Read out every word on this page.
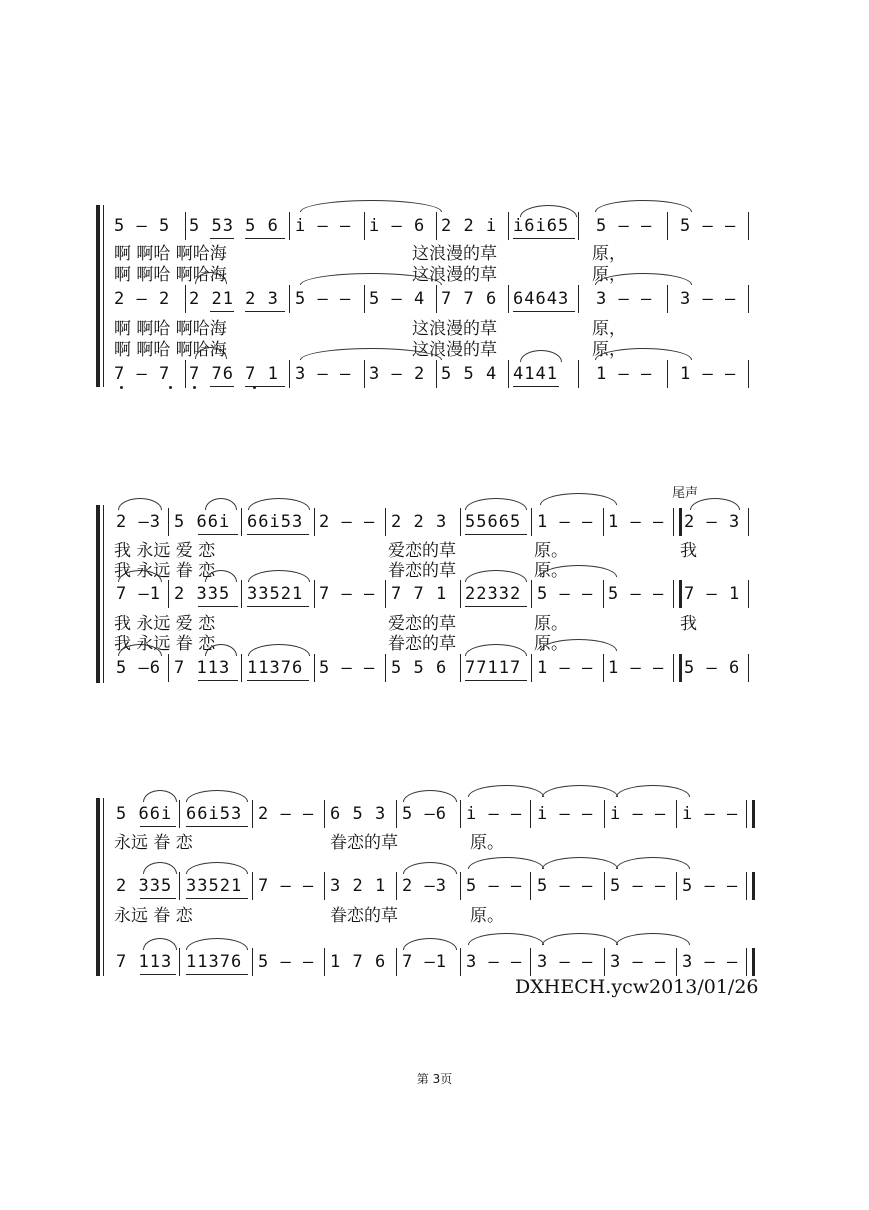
5 – 5 5 53 5 6 i – – i – 6 2 2 i i6i65 5 – – 5 – –
啊 啊哈 啊哈海	这浪漫的草	原，
啊 啊哈 啊哈海	这浪漫的草	原，
2 – 2 2 21 2 3 5 – – 5 – 4 7 7 6 64643 3 – – 3 – –
啊 啊哈 啊哈海	这浪漫的草	原，
啊 啊哈 啊哈海	这浪漫的草	原，
7 – 7 7 76 7 1 3 – – 3 – 2 5 5 4 4141 1 – – 1 – –
尾声
2 –3 5 66i 66i53 2 – – 2 2 3 55665 1 – – 1 – – 2 – 3
我 永远 爱 恋	爱恋的草	原。	我
我 永远 眷 恋	眷恋的草	原。
7 –1 2 335 33521 7 – – 7 7 1 22332 5 – – 5 – – 7 – 1
我 永远 爱 恋	爱恋的草	原。	我
我 永远 眷 恋	眷恋的草	原。
5 –6 7 113 11376 5 – – 5 5 6 77117 1 – – 1 – – 5 – 6
5 66i 66i53 2 – – 6 5 3 5 –6 i – – i – – i – – i – –
永远 眷 恋	眷恋的草	原。
2 335 33521 7 – – 3 2 1 2 –3 5 – – 5 – – 5 – – 5 – –
永远 眷 恋	眷恋的草	原。
7 113 11376 5 – – 1 7 6 7 –1 3 – – 3 – – 3 – – 3 – –
DXHECH.ycw2013/01/26
第 3页
